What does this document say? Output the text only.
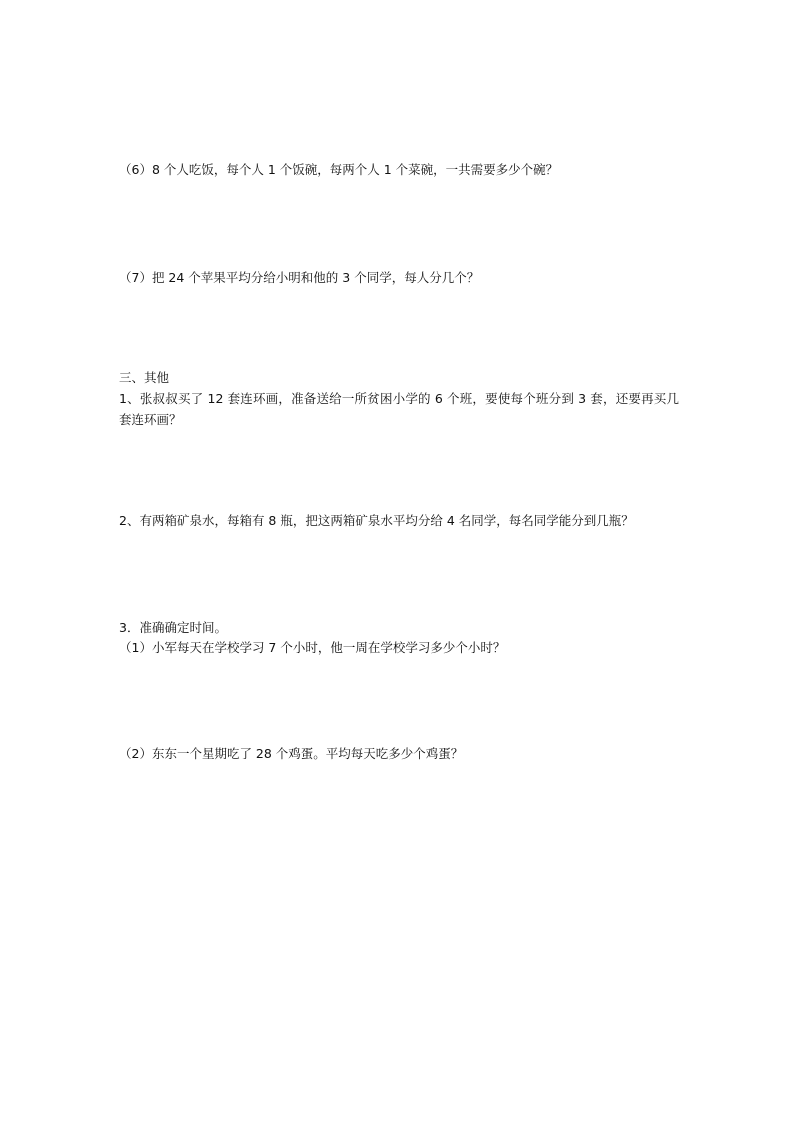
（6）8 个人吃饭，每个人 1 个饭碗，每两个人 1 个菜碗，一共需要多少个碗？
（7）把 24 个苹果平均分给小明和他的 3 个同学，每人分几个？
三、其他
1、张叔叔买了 12 套连环画，准备送给一所贫困小学的 6 个班，要使每个班分到 3 套，还要再买几套连环画？
2、有两箱矿泉水，每箱有 8 瓶，把这两箱矿泉水平均分给 4 名同学，每名同学能分到几瓶？
3．准确确定时间。
（1）小军每天在学校学习 7 个小时，他一周在学校学习多少个小时？
（2）东东一个星期吃了 28 个鸡蛋。平均每天吃多少个鸡蛋？
